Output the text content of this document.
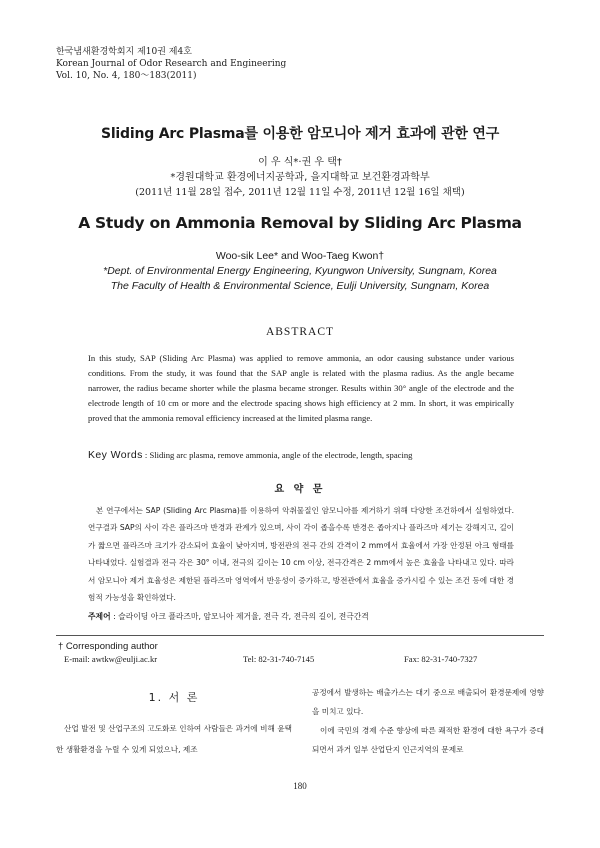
한국냄새환경학회지 제10권 제4호
Korean Journal of Odor Research and Engineering
Vol. 10, No. 4, 180～183(2011)
Sliding Arc Plasma를 이용한 암모니아 제거 효과에 관한 연구
이 우 식*·권 우 택†
*경원대학교 환경에너지공학과, 을지대학교 보건환경과학부
(2011년 11월 28일 접수, 2011년 12월 11일 수정, 2011년 12월 16일 채택)
A Study on Ammonia Removal by Sliding Arc Plasma
Woo-sik Lee* and Woo-Taeg Kwon†
*Dept. of Environmental Energy Engineering, Kyungwon University, Sungnam, Korea
The Faculty of Health & Environmental Science, Eulji University, Sungnam, Korea
ABSTRACT
In this study, SAP (Sliding Arc Plasma) was applied to remove ammonia, an odor causing substance under various conditions. From the study, it was found that the SAP angle is related with the plasma radius. As the angle became narrower, the radius became shorter while the plasma became stronger. Results within 30° angle of the electrode and the electrode length of 10 cm or more and the electrode spacing shows high efficiency at 2 mm. In short, it was empirically proved that the ammonia removal efficiency increased at the limited plasma range.
Key Words : Sliding arc plasma, remove ammonia, angle of the electrode, length, spacing
요 약 문
본 연구에서는 SAP (Sliding Arc Plasma)를 이용하여 악취물질인 암모니아를 제거하기 위해 다양한 조건하에서 실험하였다. 연구결과 SAP의 사이 각은 플라즈마 반경과 관계가 있으며, 사이 각이 좁을수록 반경은 좁아지나 플라즈마 세기는 강해지고, 길이가 짧으면 플라즈마 크기가 감소되어 효율이 낮아지며, 방전관의 전극 간의 간격이 2 mm에서 효율에서 가장 안정된 아크 형태를 나타내었다. 실험결과 전극 각은 30° 이내, 전극의 길이는 10 cm 이상, 전극간격은 2 mm에서 높은 효율을 나타내고 있다. 따라서 암모니아 제거 효율성은 제한된 플라즈마 영역에서 반응성이 증가하고, 방전관에서 효율을 증가시킬 수 있는 조건 등에 대한 경험적 가능성을 확인하였다.
주제어 : 슬라이딩 아크 플라즈마, 암모니아 제거율, 전극 각, 전극의 길이, 전극간격
† Corresponding author
E-mail: awtkw@eulji.ac.kr	Tel: 82-31-740-7145	Fax: 82-31-740-7327
1. 서 론
산업 발전 및 산업구조의 고도화로 인하여 사람들은 과거에 비해 윤택한 생활환경을 누릴 수 있게 되었으나, 제조

공정에서 발생하는 배출가스는 대기 중으로 배출되어 환경문제에 영향을 미치고 있다.

이에 국민의 경제 수준 향상에 따른 쾌적한 환경에 대한 욕구가 증대되면서 과거 일부 산업단지 인근지역의 문제로

180
